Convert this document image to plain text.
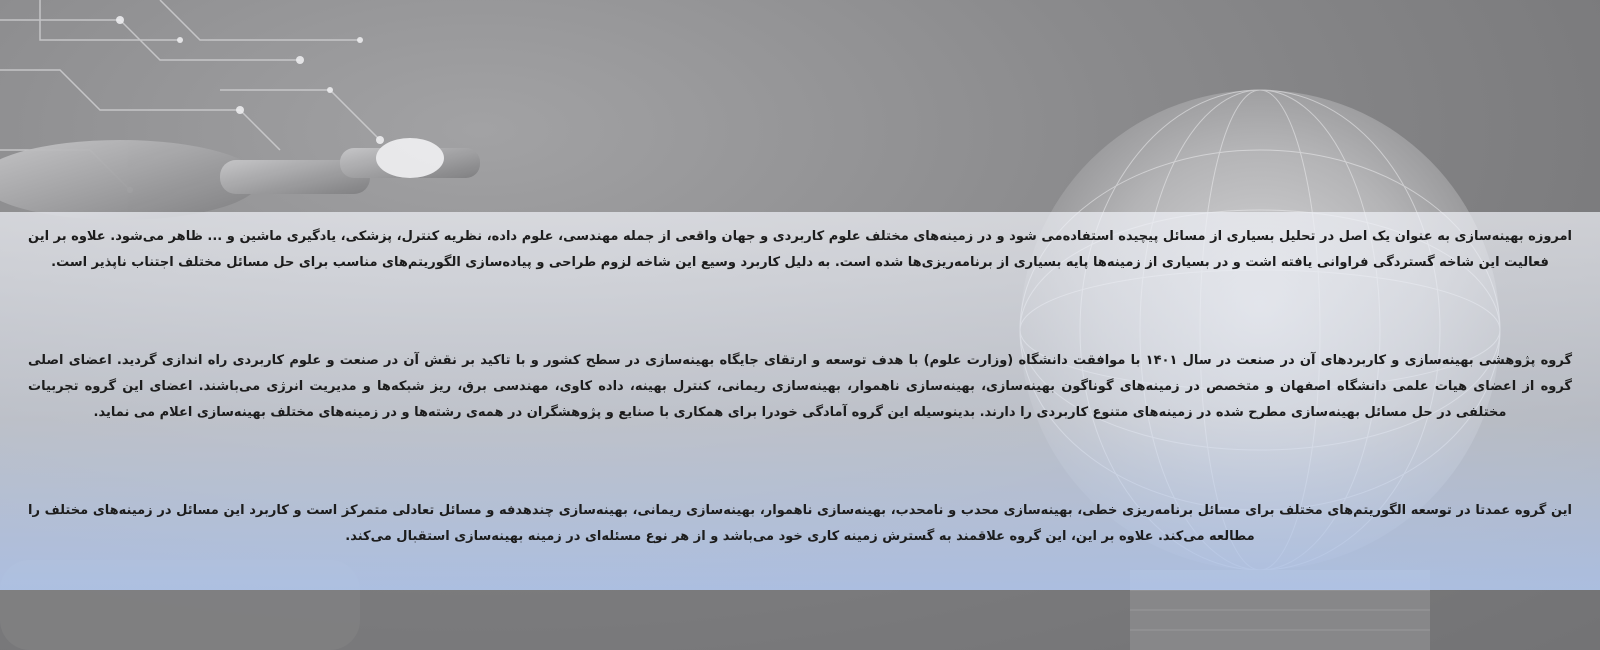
امروزه بهینه‌سازی به عنوان یک اصل در تحلیل بسیاری از مسائل پیچیده استفاده‌می شود و در زمینه‌های مختلف علوم کاربردی و جهان واقعی از جمله مهندسی، علوم داده، نظریه کنترل، پزشکی، یادگیری ماشین و ... ظاهر می‌شود. علاوه بر این فعالیت این شاخه گستردگی فراوانی یافته اشت و در بسیاری از زمینه‌ها پایه بسیاری از برنامه‌ریزی‌ها شده است. به دلیل کاربرد وسیع این شاخه لزوم طراحی و پیاده‌سازی الگوریتم‌های مناسب برای حل مسائل مختلف اجتناب ناپذیر است.

گروه پژوهشی بهینه‌سازی و کاربردهای آن در صنعت در سال ۱۴۰۱ با موافقت دانشگاه (وزارت علوم) با هدف توسعه و ارتقای جایگاه بهینه‌سازی در سطح کشور و با تاکید بر نقش آن در صنعت و علوم کاربردی راه اندازی گردید. اعضای اصلی گروه از اعضای هیات علمی دانشگاه اصفهان و متخصص در زمینه‌های گوناگون بهینه‌سازی، بهینه‌سازی ناهموار، بهینه‌سازی ریمانی، کنترل بهینه، داده کاوی، مهندسی برق، ریز شبکه‌ها و مدیریت انرژی می‌باشند. اعضای این گروه تجربیات مختلفی در حل مسائل بهینه‌سازی مطرح شده در زمینه‌های متنوع کاربردی را دارند. بدینوسیله این گروه آمادگی خودرا برای همکاری با صنایع و پژوهشگران در همه‌ی رشته‌ها و در زمینه‌های مختلف بهینه‌سازی اعلام می نماید.

این گروه عمدتا در توسعه الگوریتم‌های مختلف برای مسائل برنامه‌ریزی خطی، بهینه‌سازی محدب و نامحدب، بهینه‌سازی ناهموار، بهینه‌سازی ریمانی، بهینه‌سازی چندهدفه و مسائل تعادلی متمرکز است و کاربرد این مسائل در زمینه‌های مختلف را مطالعه می‌کند. علاوه بر این، این گروه علاقمند به گسترش زمینه کاری خود می‌باشد و از هر نوع مسئله‌ای در زمینه بهینه‌سازی استقبال می‌کند.
